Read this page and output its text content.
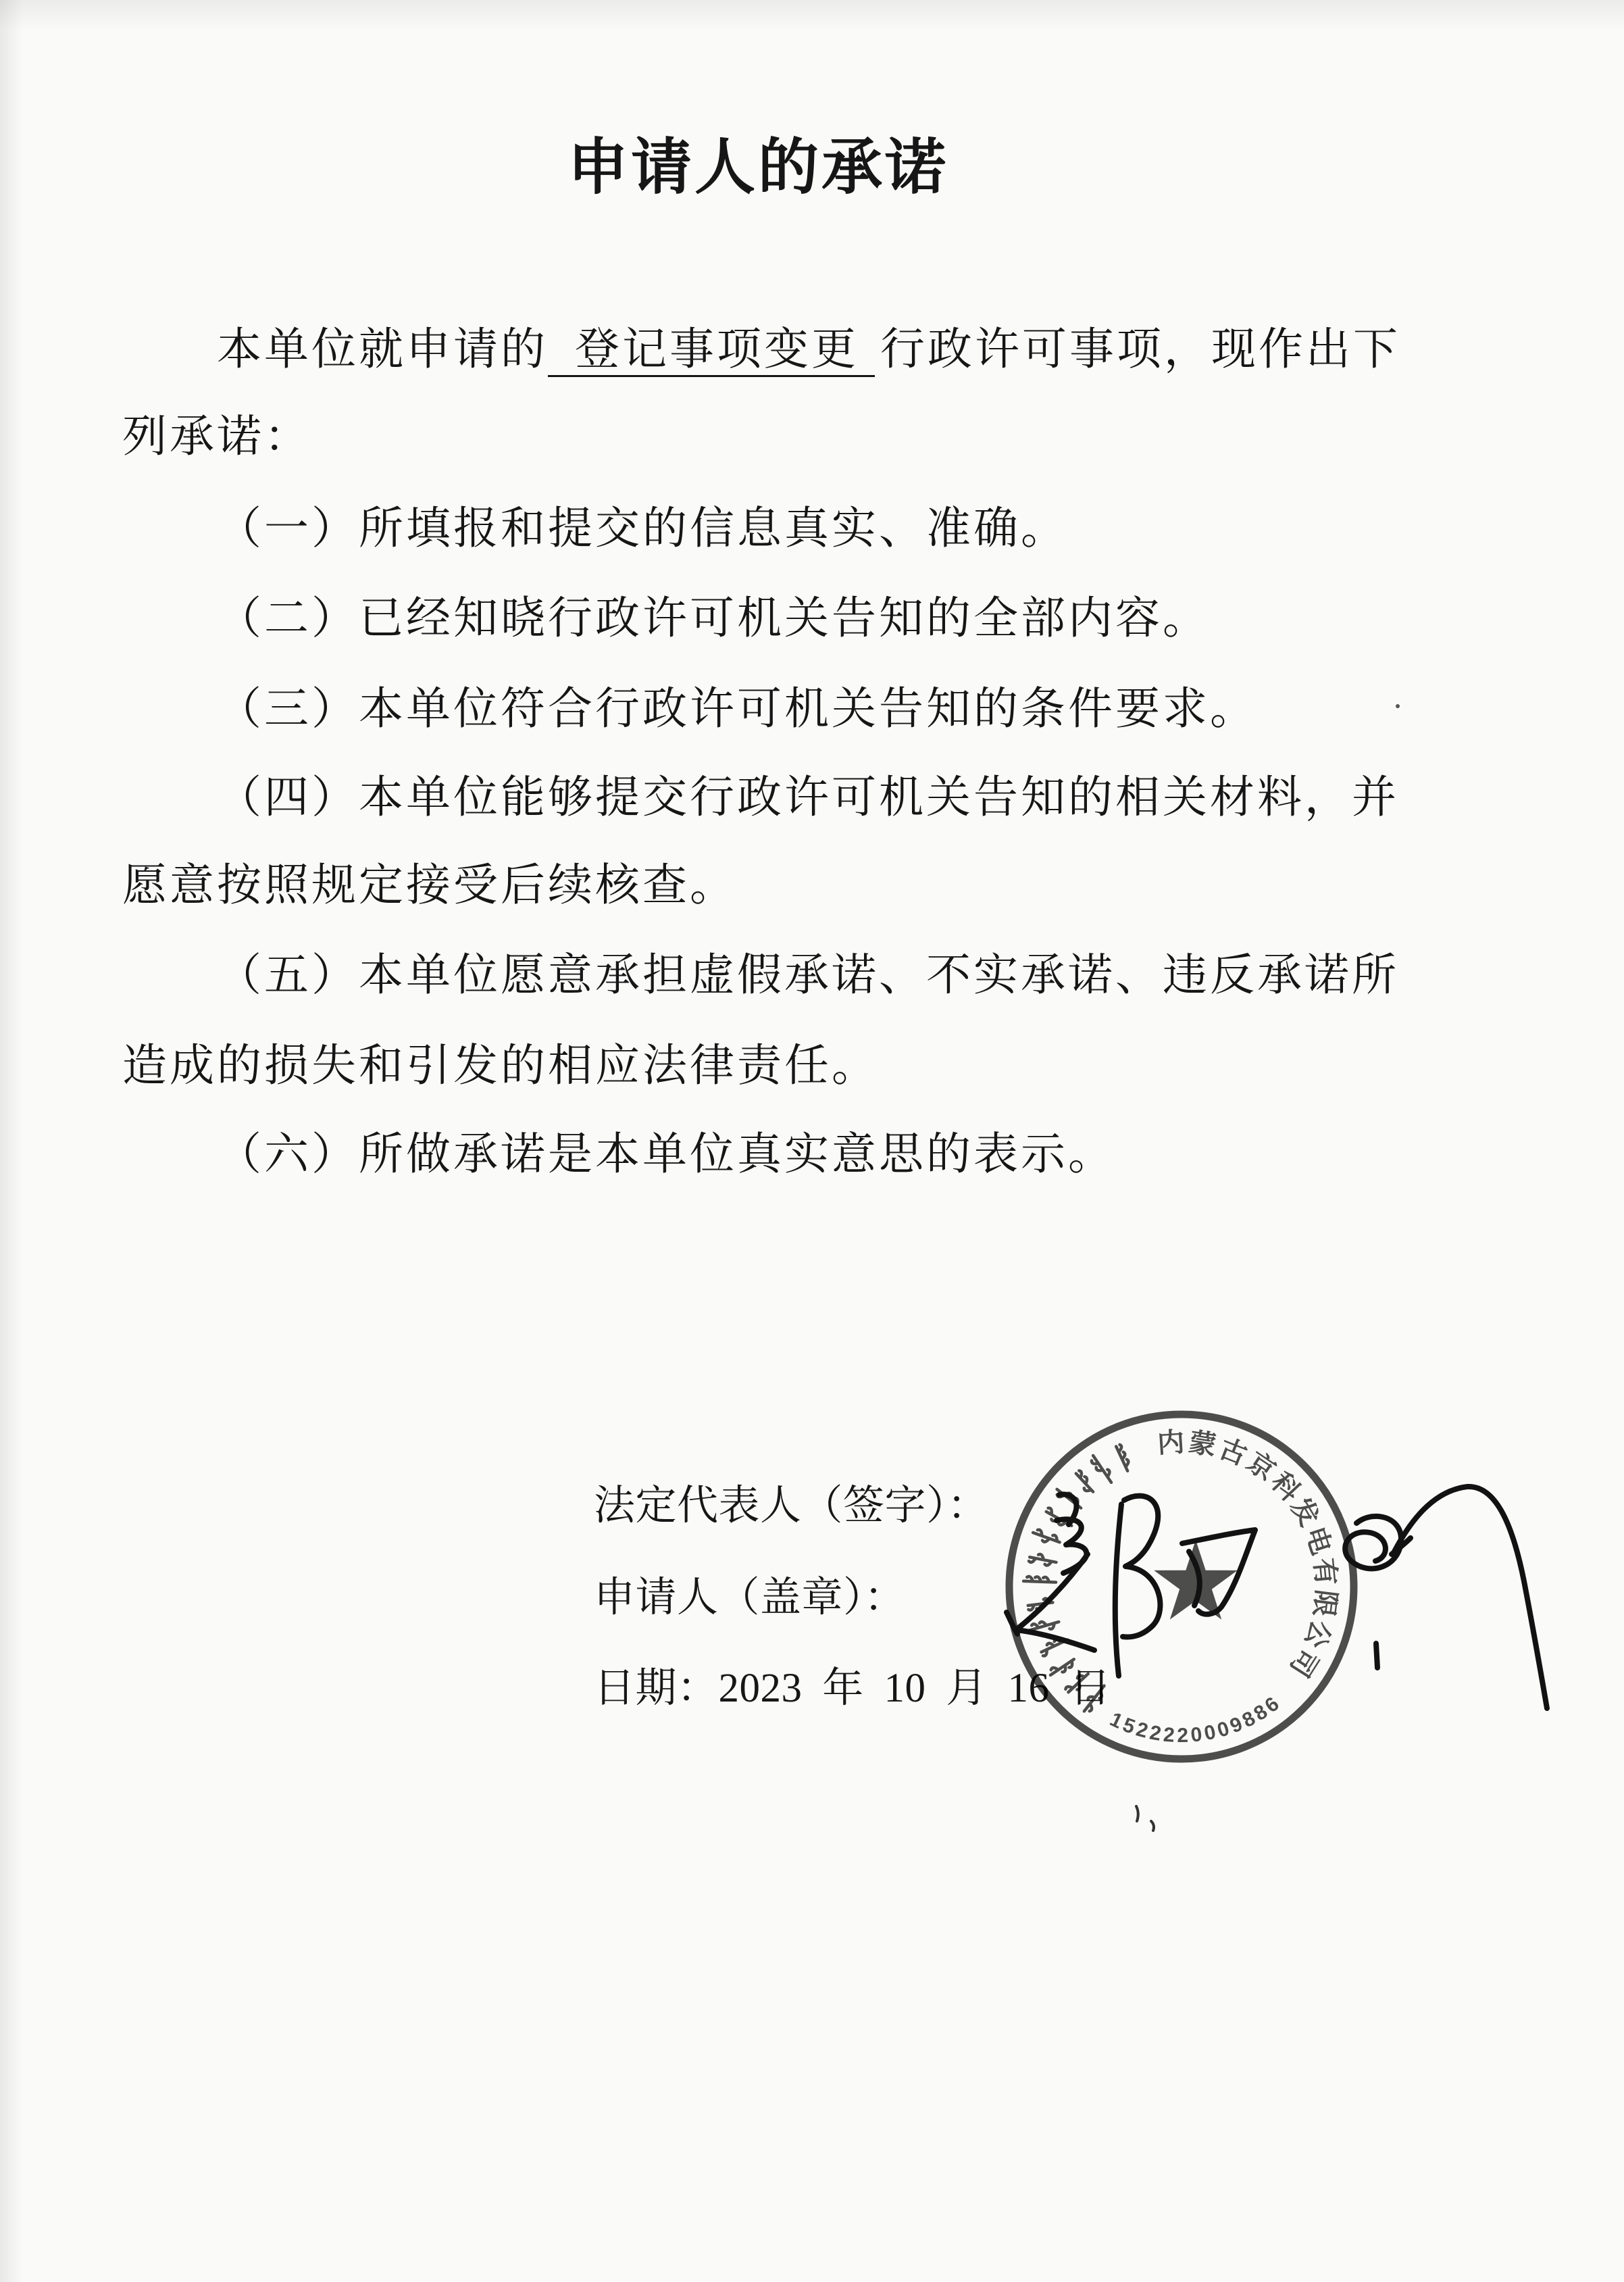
申请人的承诺
本单位就申请的 登记事项变更 行政许可事项，现作出下
列承诺：
（一）所填报和提交的信息真实、准确。
（二）已经知晓行政许可机关告知的全部内容。
（三）本单位符合行政许可机关告知的条件要求。
（四）本单位能够提交行政许可机关告知的相关材料，并
愿意按照规定接受后续核查。
（五）本单位愿意承担虚假承诺、不实承诺、违反承诺所
造成的损失和引发的相应法律责任。
（六）所做承诺是本单位真实意思的表示。
法定代表人（签字）：
申请人（盖章）：
日期：2023 年 10 月 16 日
内蒙古京科发电有限公司
1522220009886
